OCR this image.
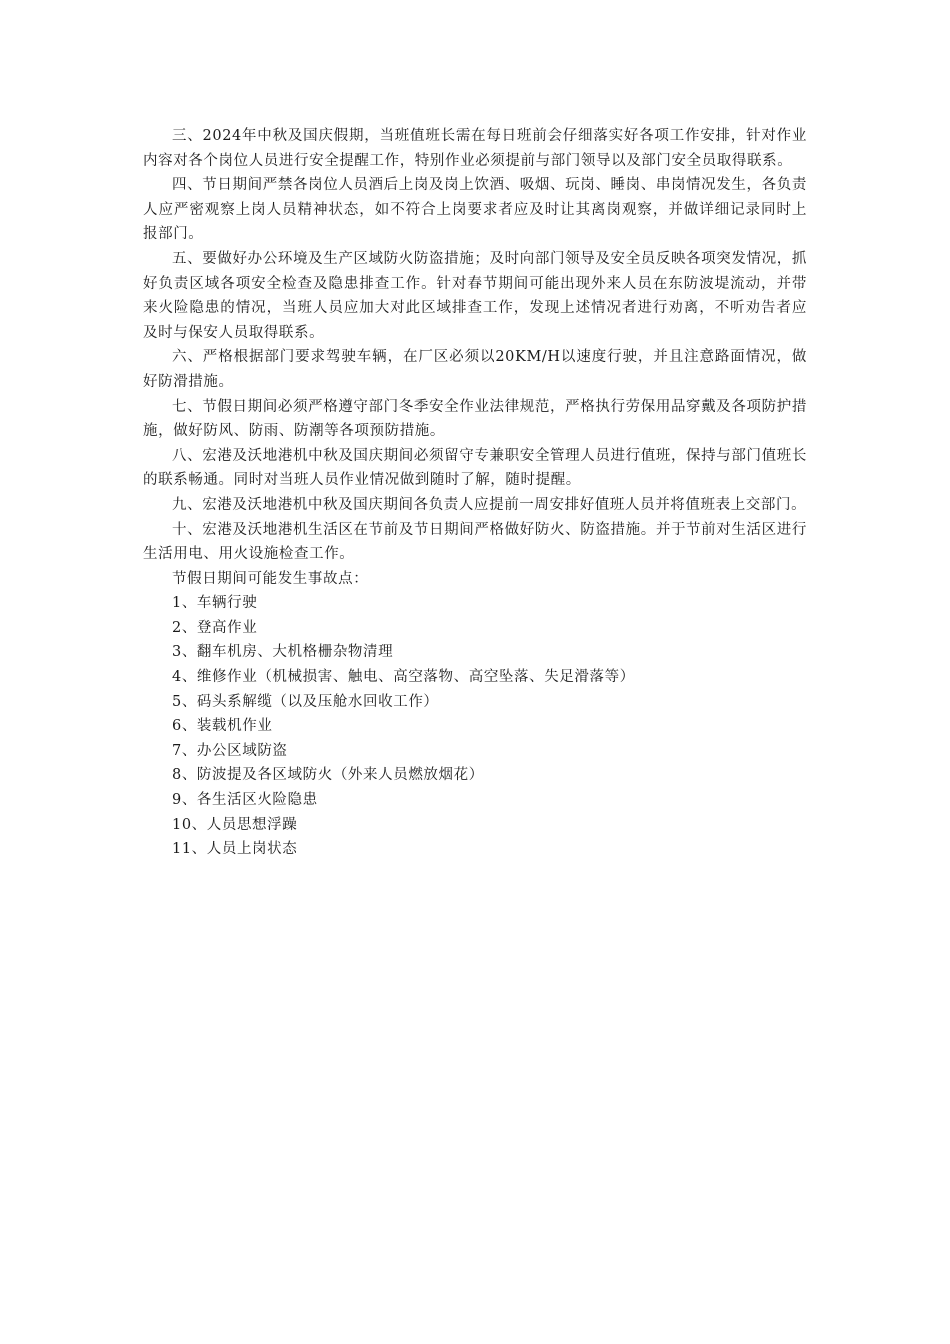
三、2024年中秋及国庆假期，当班值班长需在每日班前会仔细落实好各项工作安排，针对作业内容对各个岗位人员进行安全提醒工作，特别作业必须提前与部门领导以及部门安全员取得联系。

四、节日期间严禁各岗位人员酒后上岗及岗上饮酒、吸烟、玩岗、睡岗、串岗情况发生，各负责人应严密观察上岗人员精神状态，如不符合上岗要求者应及时让其离岗观察，并做详细记录同时上报部门。

五、要做好办公环境及生产区域防火防盗措施；及时向部门领导及安全员反映各项突发情况，抓好负责区域各项安全检查及隐患排查工作。针对春节期间可能出现外来人员在东防波堤流动，并带来火险隐患的情况，当班人员应加大对此区域排查工作，发现上述情况者进行劝离，不听劝告者应及时与保安人员取得联系。

六、严格根据部门要求驾驶车辆，在厂区必须以20KM/H以速度行驶，并且注意路面情况，做好防滑措施。

七、节假日期间必须严格遵守部门冬季安全作业法律规范，严格执行劳保用品穿戴及各项防护措施，做好防风、防雨、防潮等各项预防措施。

八、宏港及沃地港机中秋及国庆期间必须留守专兼职安全管理人员进行值班，保持与部门值班长的联系畅通。同时对当班人员作业情况做到随时了解，随时提醒。

九、宏港及沃地港机中秋及国庆期间各负责人应提前一周安排好值班人员并将值班表上交部门。

十、宏港及沃地港机生活区在节前及节日期间严格做好防火、防盗措施。并于节前对生活区进行生活用电、用火设施检查工作。

节假日期间可能发生事故点：

1、车辆行驶

2、登高作业

3、翻车机房、大机格栅杂物清理

4、维修作业（机械损害、触电、高空落物、高空坠落、失足滑落等）

5、码头系解缆（以及压舱水回收工作）

6、装载机作业

7、办公区域防盗

8、防波提及各区域防火（外来人员燃放烟花）

9、各生活区火险隐患

10、人员思想浮躁

11、人员上岗状态
